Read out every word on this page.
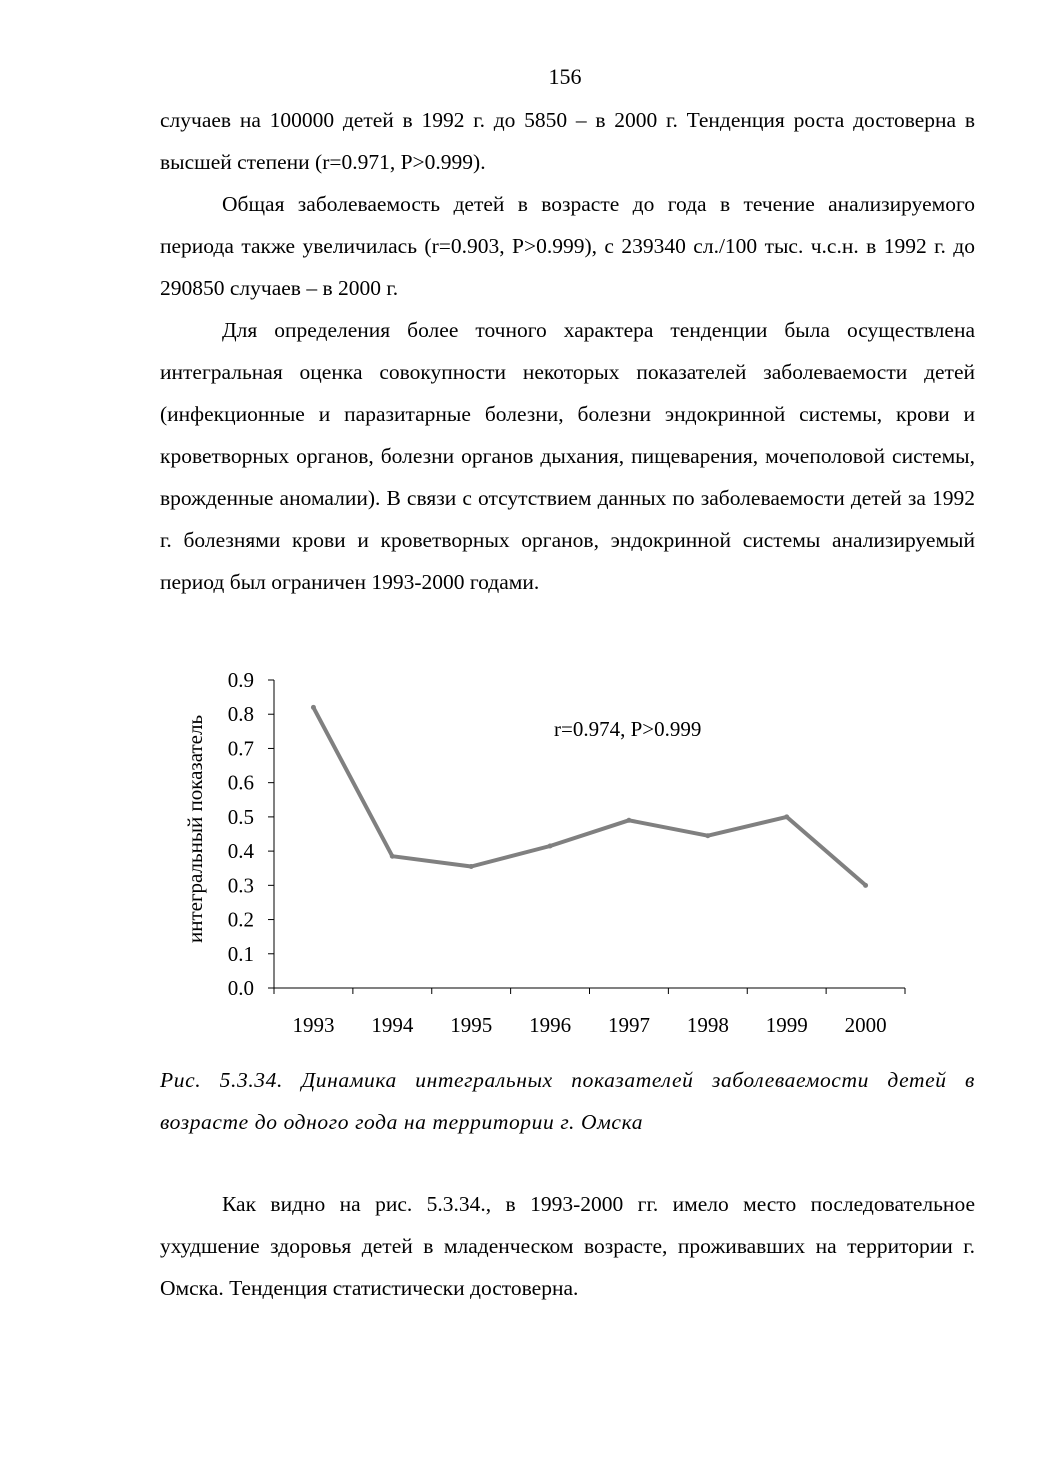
156

случаев на 100000 детей в 1992 г. до 5850 – в 2000 г. Тенденция роста достоверна в высшей степени (r=0.971, P>0.999).

Общая заболеваемость детей в возрасте до года в течение анализируемого периода также увеличилась (r=0.903, P>0.999), с 239340 сл./100 тыс. ч.с.н. в 1992 г. до 290850 случаев – в 2000 г.

Для определения более точного характера тенденции была осуществлена интегральная оценка совокупности некоторых показателей заболеваемости детей (инфекционные и паразитарные болезни, болезни эндокринной системы, крови и кроветворных органов, болезни органов дыхания, пищеварения, мочеполовой системы, врожденные аномалии). В связи с отсутствием данных по заболеваемости детей за 1992 г. болезнями крови и кроветворных органов, эндокринной системы анализируемый период был ограничен 1993-2000 годами.

0.0
0.1
0.2
0.3
0.4
0.5
0.6
0.7
0.8
0.9
1993 1994 1995 1996 1997 1998 1999 2000
интегральный показатель	r=0.974, P>0.999

Рис. 5.3.34. Динамика интегральных показателей заболеваемости детей в возрасте до одного года на территории г. Омска

Как видно на рис. 5.3.34., в 1993-2000 гг. имело место последовательное ухудшение здоровья детей в младенческом возрасте, проживавших на территории г. Омска. Тенденция статистически достоверна.
